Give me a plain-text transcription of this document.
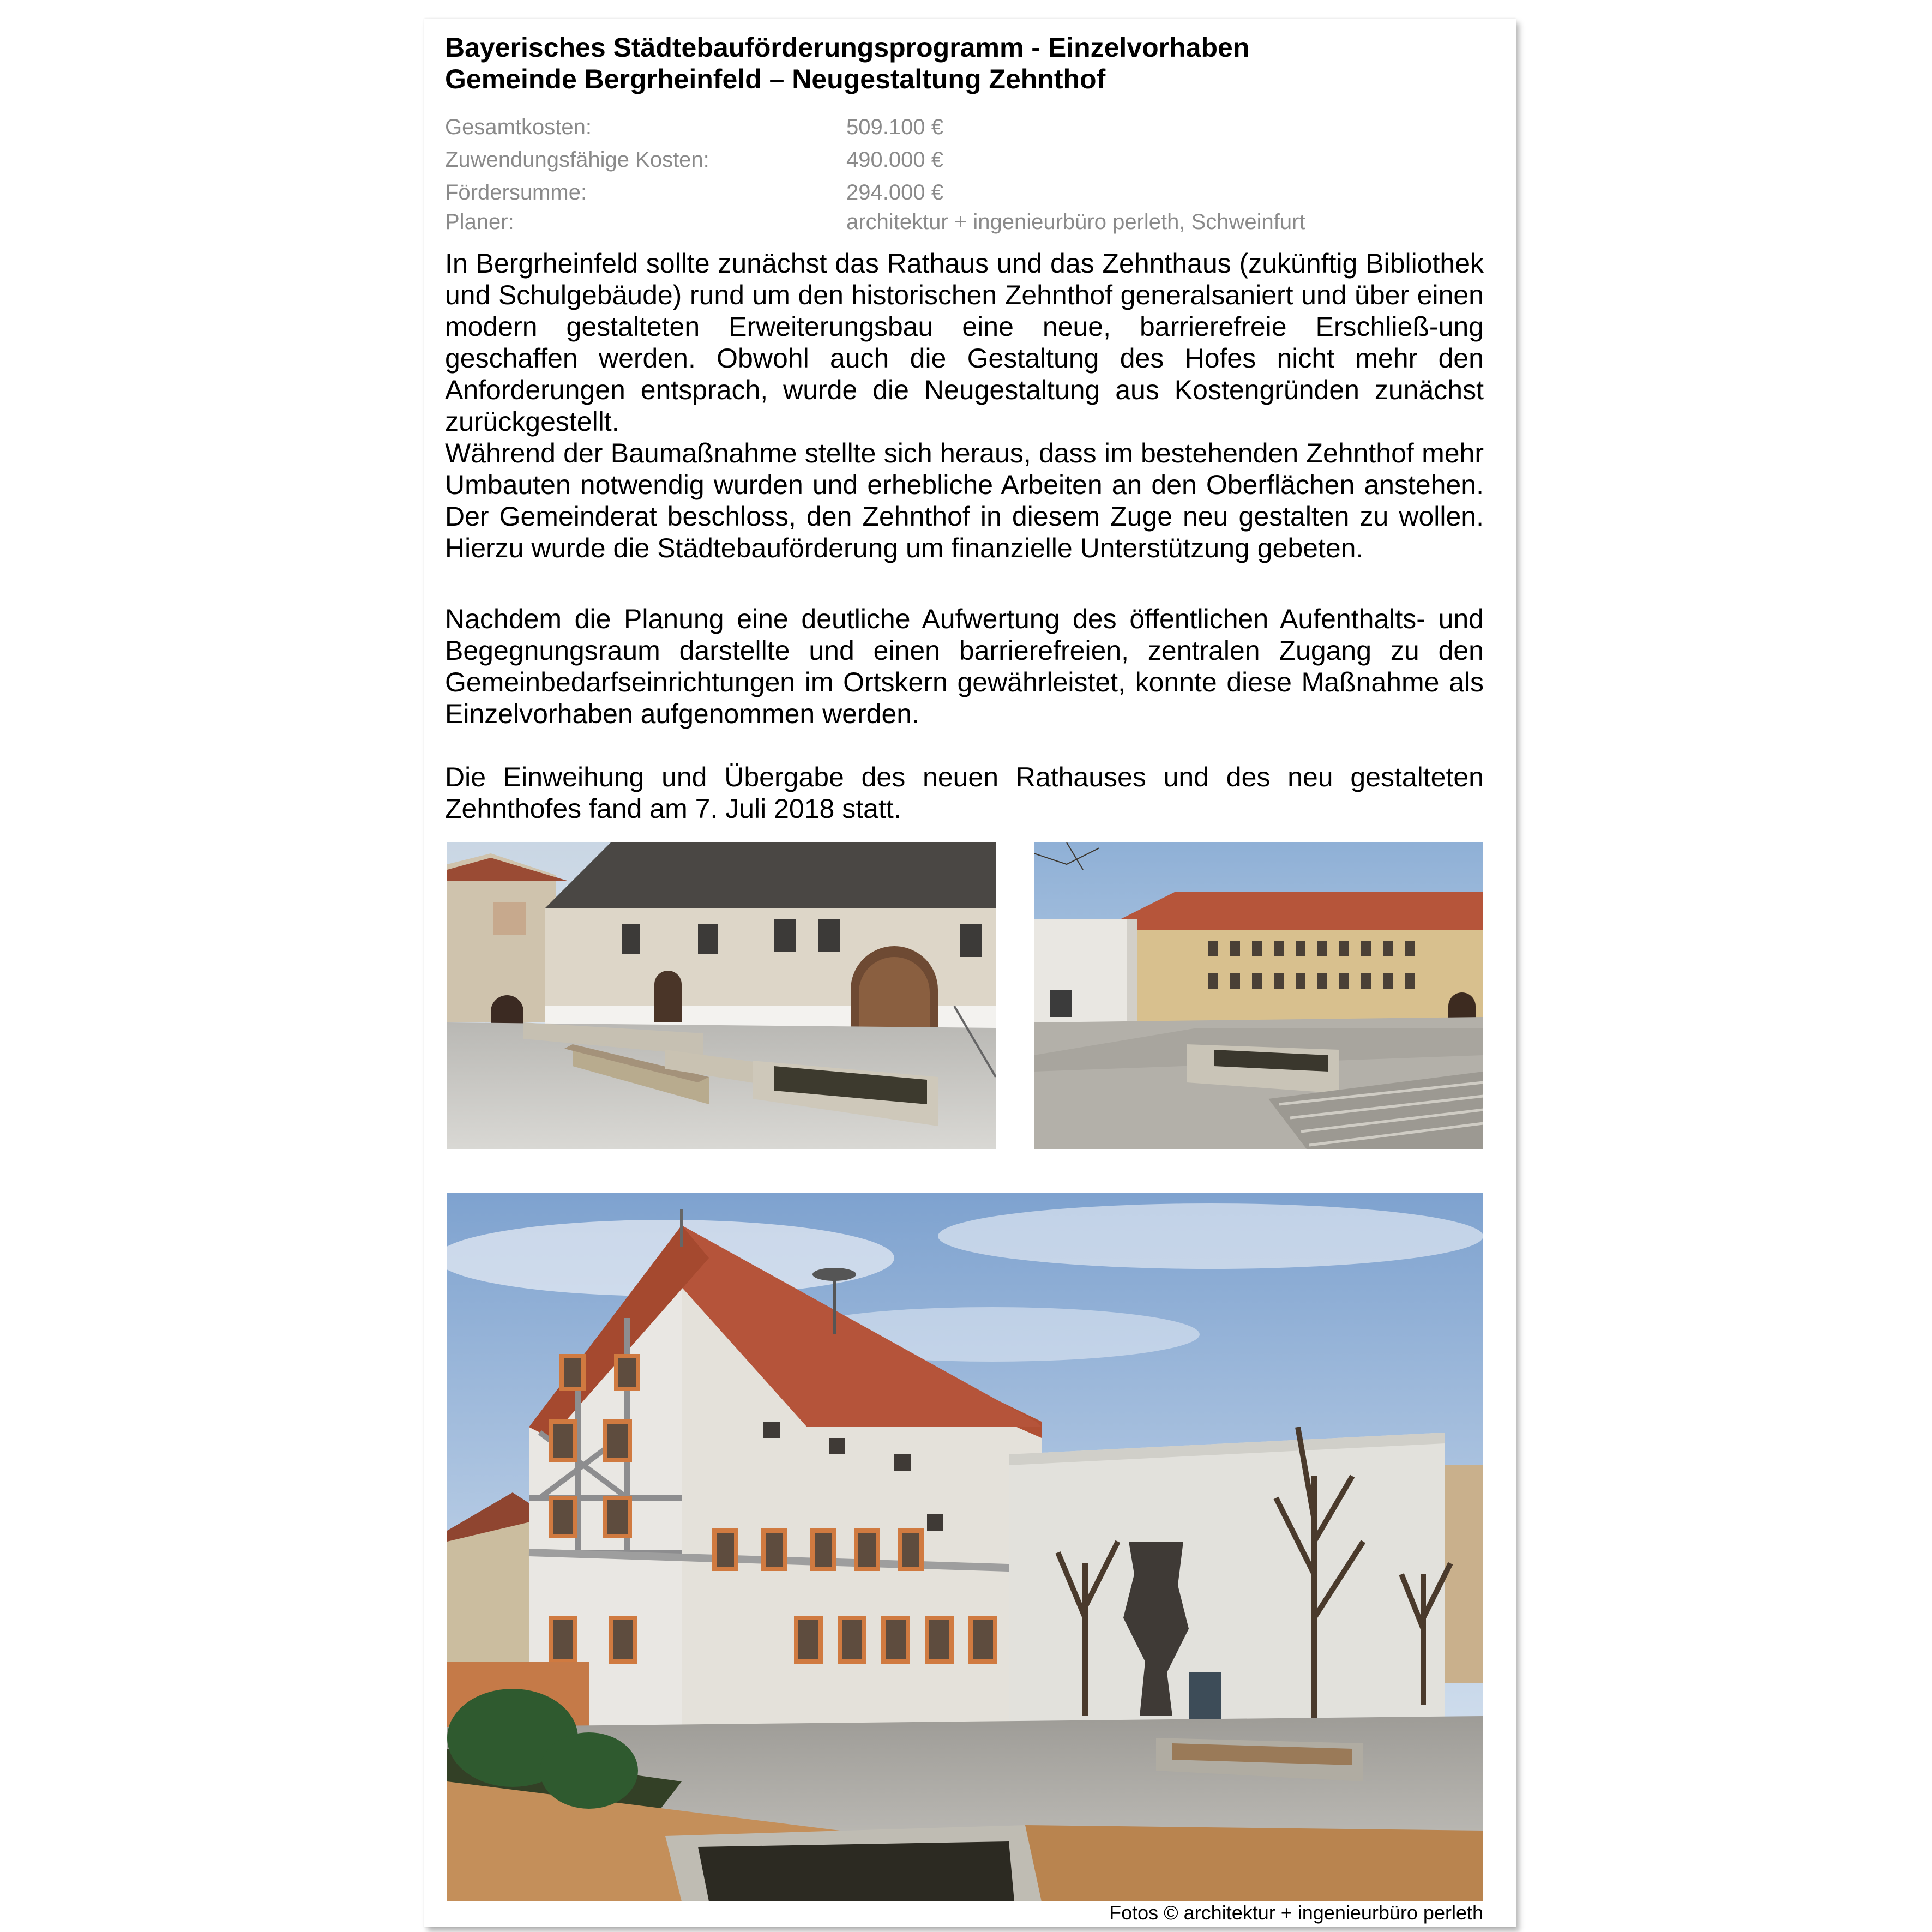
Bayerisches Städtebauförderungsprogramm - Einzelvorhaben
Gemeinde Bergrheinfeld – Neugestaltung Zehnthof
Gesamtkosten:	509.100 €
Zuwendungsfähige Kosten:	490.000 €
Fördersumme:	294.000 €
Planer:	architektur + ingenieurbüro perleth, Schweinfurt
In Bergrheinfeld sollte zunächst das Rathaus und das Zehnthaus (zukünftig Bibliothek und Schulgebäude) rund um den historischen Zehnthof generalsaniert und über einen modern gestalteten Erweiterungsbau eine neue, barrierefreie Erschließ-ung geschaffen werden. Obwohl auch die Gestaltung des Hofes nicht mehr den Anforderungen entsprach, wurde die Neugestaltung aus Kostengründen zunächst zurückgestellt.
Während der Baumaßnahme stellte sich heraus, dass im bestehenden Zehnthof mehr Umbauten notwendig wurden und erhebliche Arbeiten an den Oberflächen anstehen. Der Gemeinderat beschloss, den Zehnthof in diesem Zuge neu gestalten zu wollen. Hierzu wurde die Städtebauförderung um finanzielle Unterstützung gebeten.
Nachdem die Planung eine deutliche Aufwertung des öffentlichen Aufenthalts- und Begegnungsraum darstellte und einen barrierefreien, zentralen Zugang zu den Gemeinbedarfseinrichtungen im Ortskern gewährleistet, konnte diese Maßnahme als Einzelvorhaben aufgenommen werden.
Die Einweihung und Übergabe des neuen Rathauses und des neu gestalteten Zehnthofes fand am 7. Juli 2018 statt.
Fotos © architektur + ingenieurbüro perleth
